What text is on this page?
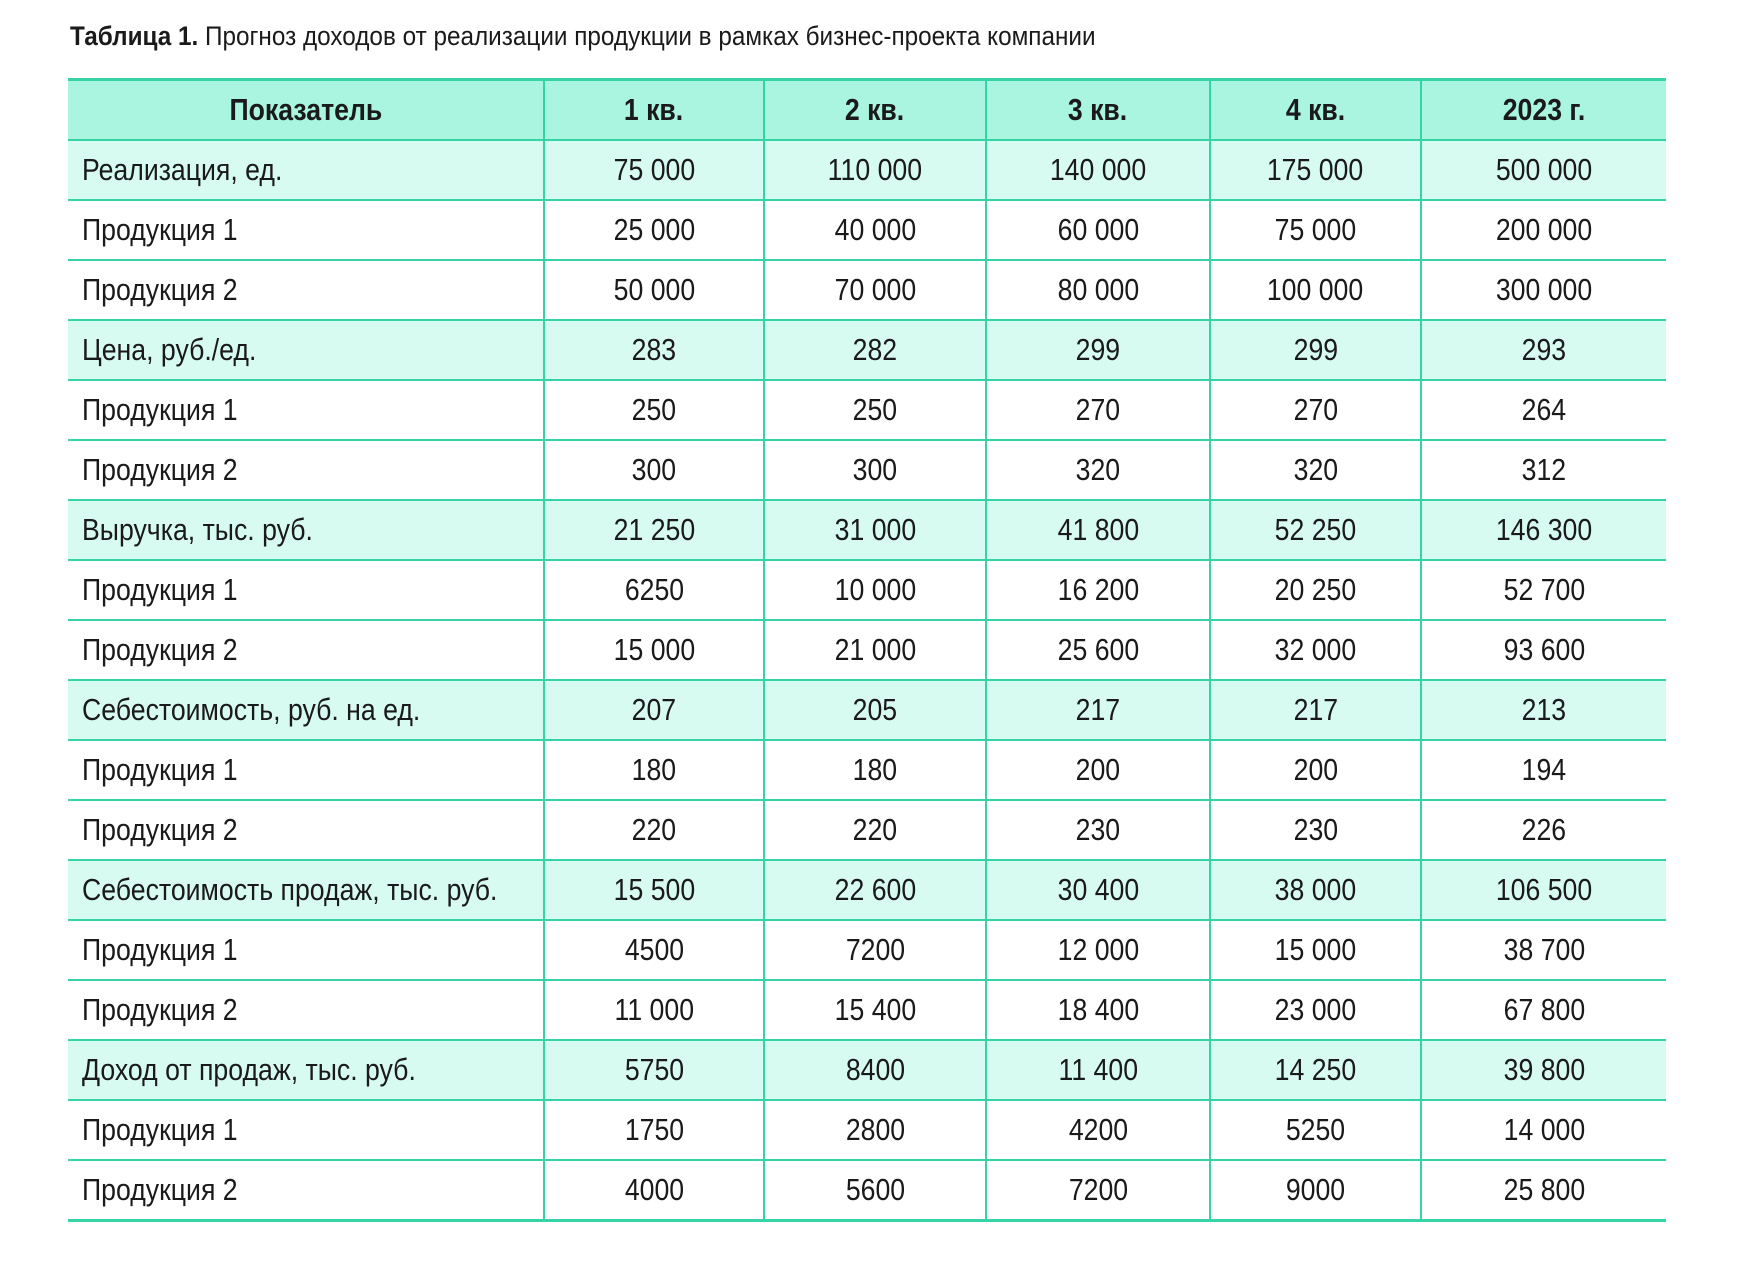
Таблица 1. Прогноз доходов от реализации продукции в рамках бизнес-проекта компании
Показатель	1 кв.	2 кв.	3 кв.	4 кв.	2023 г.
Реализация, ед.	75 000	110 000	140 000	175 000	500 000
Продукция 1	25 000	40 000	60 000	75 000	200 000
Продукция 2	50 000	70 000	80 000	100 000	300 000
Цена, руб./ед.	283	282	299	299	293
Продукция 1	250	250	270	270	264
Продукция 2	300	300	320	320	312
Выручка, тыс. руб.	21 250	31 000	41 800	52 250	146 300
Продукция 1	6250	10 000	16 200	20 250	52 700
Продукция 2	15 000	21 000	25 600	32 000	93 600
Себестоимость, руб. на ед.	207	205	217	217	213
Продукция 1	180	180	200	200	194
Продукция 2	220	220	230	230	226
Себестоимость продаж, тыс. руб.	15 500	22 600	30 400	38 000	106 500
Продукция 1	4500	7200	12 000	15 000	38 700
Продукция 2	11 000	15 400	18 400	23 000	67 800
Доход от продаж, тыс. руб.	5750	8400	11 400	14 250	39 800
Продукция 1	1750	2800	4200	5250	14 000
Продукция 2	4000	5600	7200	9000	25 800
